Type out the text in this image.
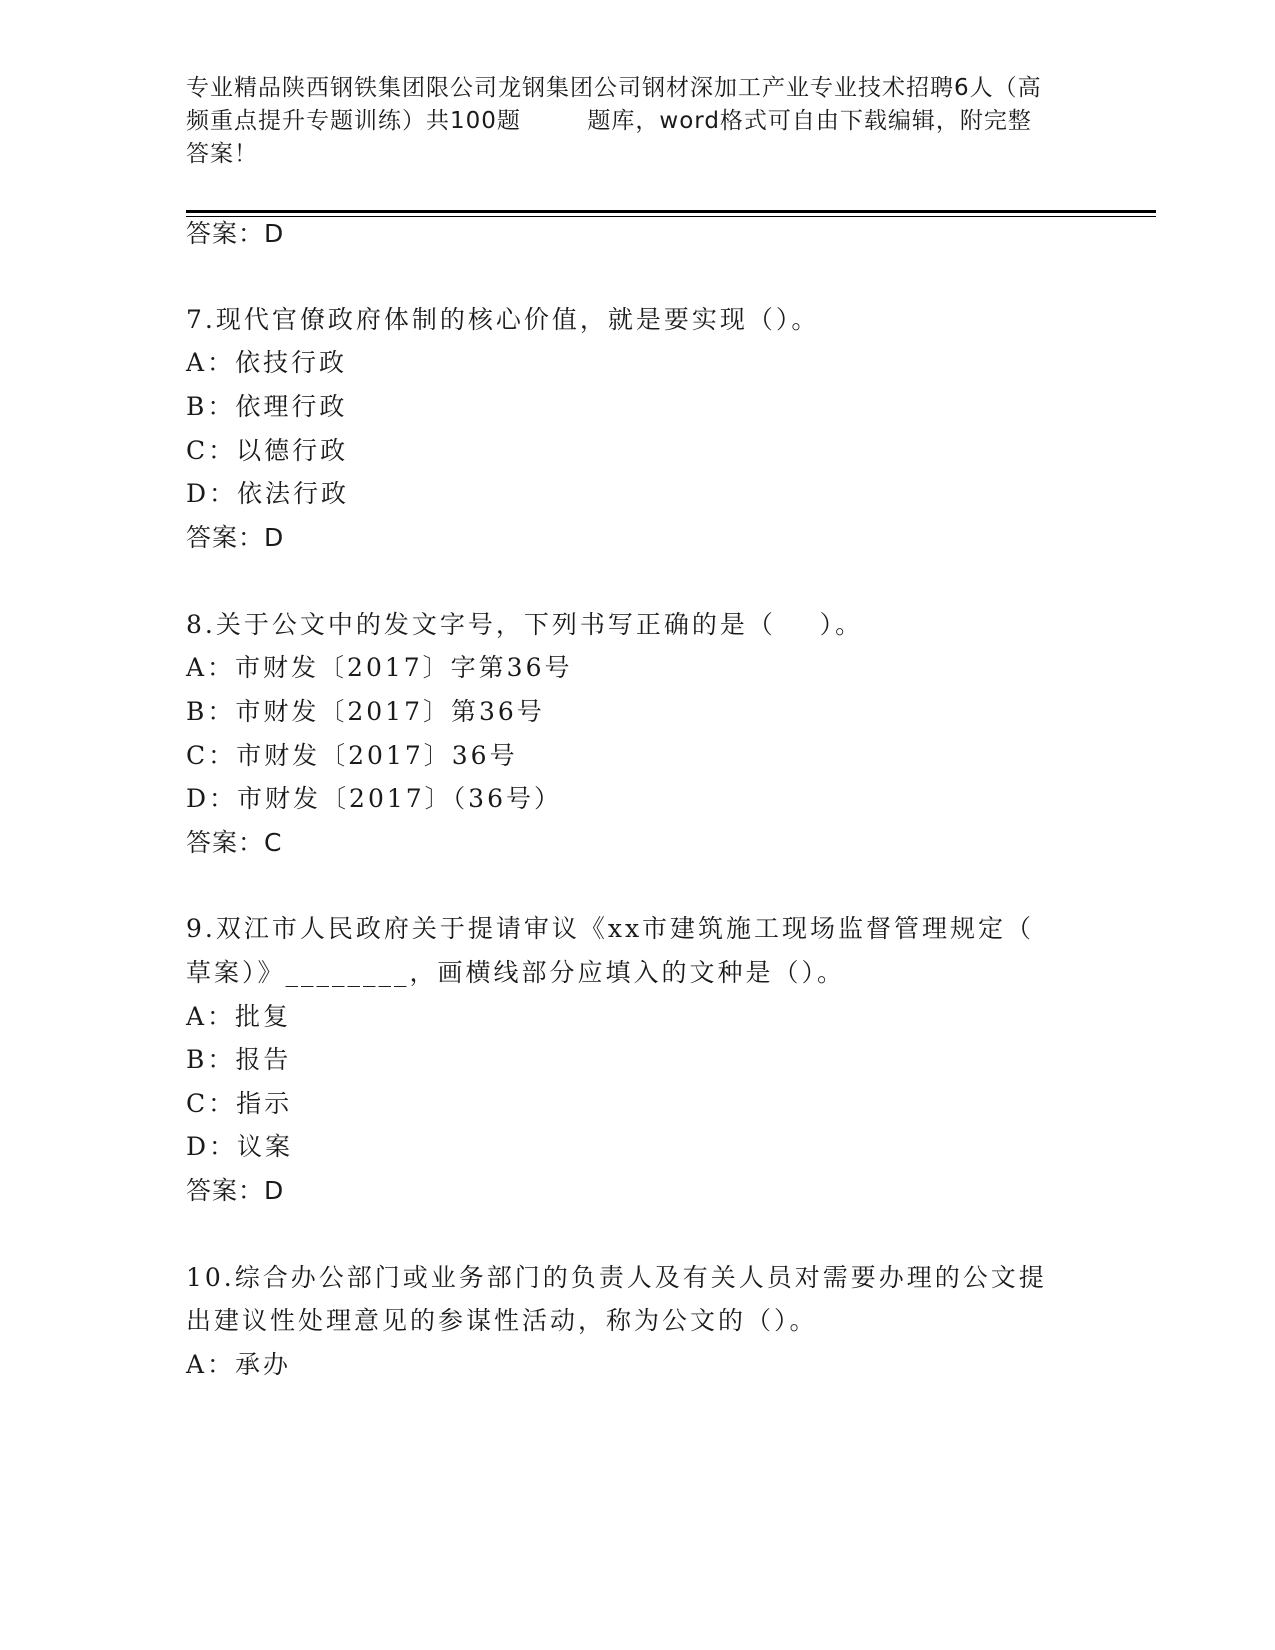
专业精品陕西钢铁集团限公司龙钢集团公司钢材深加工产业专业技术招聘6人（高
频重点提升专题训练）共100题        题库，word格式可自由下载编辑，附完整
答案！
答案：D
7.现代官僚政府体制的核心价值，就是要实现（）。
A：依技行政
B：依理行政
C：以德行政
D：依法行政
答案：D
8.关于公文中的发文字号，下列书写正确的是（    ）。
A：市财发〔2017〕字第36号
B：市财发〔2017〕第36号
C：市财发〔2017〕36号
D：市财发〔2017〕（36号）
答案：C
9.双江市人民政府关于提请审议《xx市建筑施工现场监督管理规定（
草案）》________，画横线部分应填入的文种是（）。
A：批复
B：报告
C：指示
D：议案
答案：D
10.综合办公部门或业务部门的负责人及有关人员对需要办理的公文提
出建议性处理意见的参谋性活动，称为公文的（）。
A：承办
